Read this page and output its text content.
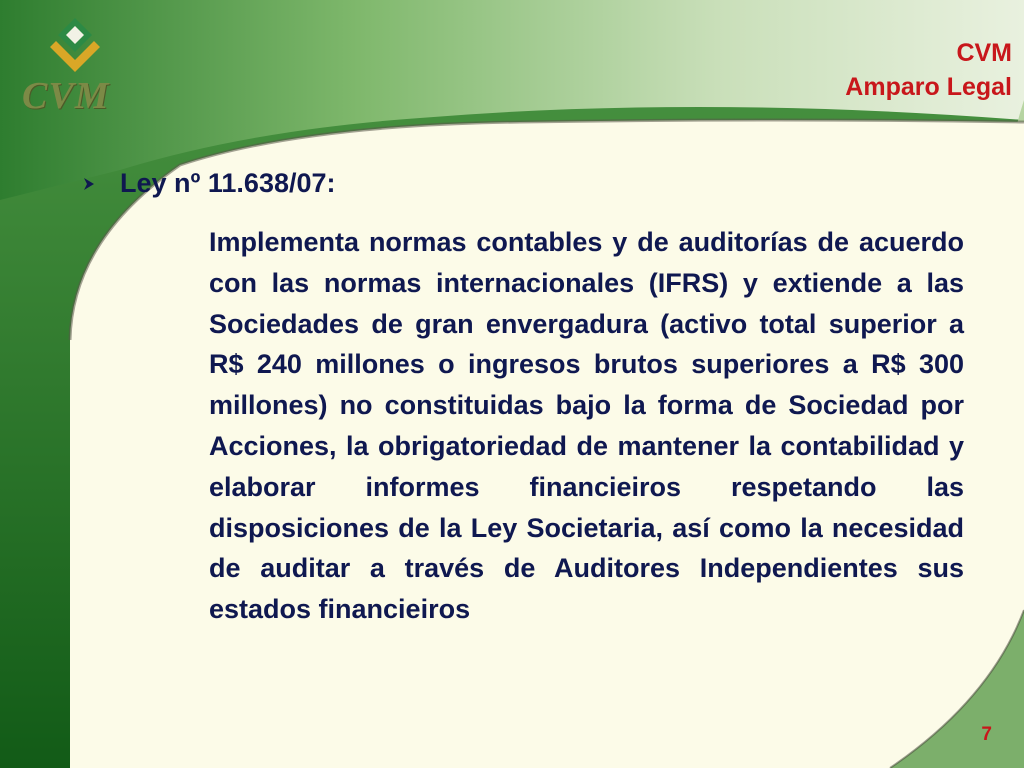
CVM
CVM
Amparo Legal
Ley nº 11.638/07:
Implementa normas contables y de auditorías de acuerdo con las normas internacionales (IFRS) y extiende a las Sociedades de gran envergadura (activo total superior a R$ 240 millones o ingresos brutos superiores a R$ 300 millones) no constituidas bajo la forma de Sociedad por Acciones, la obrigatoriedad de mantener la contabilidad y elaborar informes financieiros respetando las disposiciones de la Ley Societaria, así como la necesidad de auditar a través de Auditores Independientes sus estados financieiros
7
